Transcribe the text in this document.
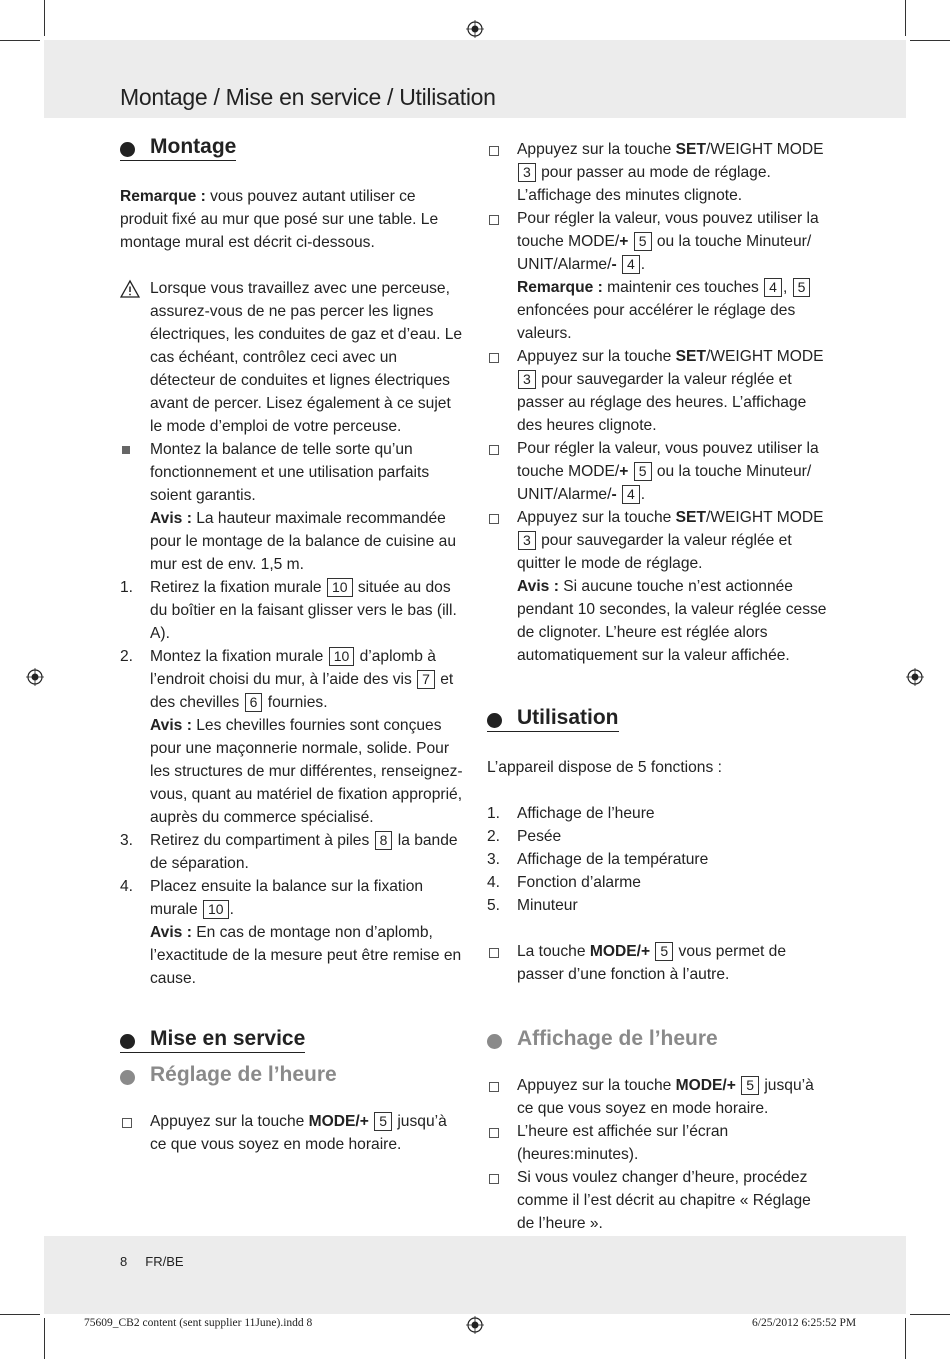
Montage / Mise en service / Utilisation
Montage

Remarque : vous pouvez autant utiliser ce produit fixé au mur que posé sur une table. Le montage mural est décrit ci-dessous.

Lorsque vous travaillez avec une perceuse, assurez-vous de ne pas percer les lignes électriques, les conduites de gaz et d’eau. Le cas échéant, contrôlez ceci avec un détecteur de conduites et lignes électriques avant de percer. Lisez également à ce sujet le mode d’emploi de votre perceuse.
Montez la balance de telle sorte qu’un fonctionnement et une utilisation parfaits soient garantis.
Avis : La hauteur maximale recommandée pour le montage de la balance de cuisine au mur est de env. 1,5 m.
1. Retirez la fixation murale 10 située au dos du boîtier en la faisant glisser vers le bas (ill. A).
2. Montez la fixation murale 10 d’aplomb à l’endroit choisi du mur, à l’aide des vis 7 et des chevilles 6 fournies.
Avis : Les chevilles fournies sont conçues pour une maçonnerie normale, solide. Pour les structures de mur différentes, renseignez-vous, quant au matériel de fixation approprié, auprès du commerce spécialisé.
3. Retirez du compartiment à piles 8 la bande de séparation.
4. Placez ensuite la balance sur la fixation murale 10 .
Avis : En cas de montage non d’aplomb, l’exactitude de la mesure peut être remise en cause.
Mise en service
Réglage de l’heure
Appuyez sur la touche MODE/+ 5 jusqu’à ce que vous soyez en mode horaire.
Appuyez sur la touche SET/WEIGHT MODE 3 pour passer au mode de réglage. L’affichage des minutes clignote.
Pour régler la valeur, vous pouvez utiliser la touche MODE/+ 5 ou la touche Minuteur/ UNIT/Alarme/- 4 .
Remarque : maintenir ces touches 4 , 5 enfoncées pour accélérer le réglage des valeurs.
Appuyez sur la touche SET/WEIGHT MODE 3 pour sauvegarder la valeur réglée et passer au réglage des heures. L’affichage des heures clignote.
Pour régler la valeur, vous pouvez utiliser la touche MODE/+ 5 ou la touche Minuteur/ UNIT/Alarme/- 4 .
Appuyez sur la touche SET/WEIGHT MODE 3 pour sauvegarder la valeur réglée et quitter le mode de réglage.
Avis : Si aucune touche n’est actionnée pendant 10 secondes, la valeur réglée cesse de clignoter. L’heure est réglée alors automatiquement sur la valeur affichée.
Utilisation

L’appareil dispose de 5 fonctions :

1. Affichage de l’heure
2. Pesée
3. Affichage de la température
4. Fonction d’alarme
5. Minuteur
La touche MODE/+ 5 vous permet de passer d’une fonction à l’autre.
Affichage de l’heure
Appuyez sur la touche MODE/+ 5 jusqu’à ce que vous soyez en mode horaire.
L’heure est affichée sur l’écran (heures:minutes).
Si vous voulez changer d’heure, procédez comme il l’est décrit au chapitre « Réglage de l’heure ».
8 FR/BE
75609_CB2 content (sent supplier 11June).indd 8	6/25/2012 6:25:52 PM
